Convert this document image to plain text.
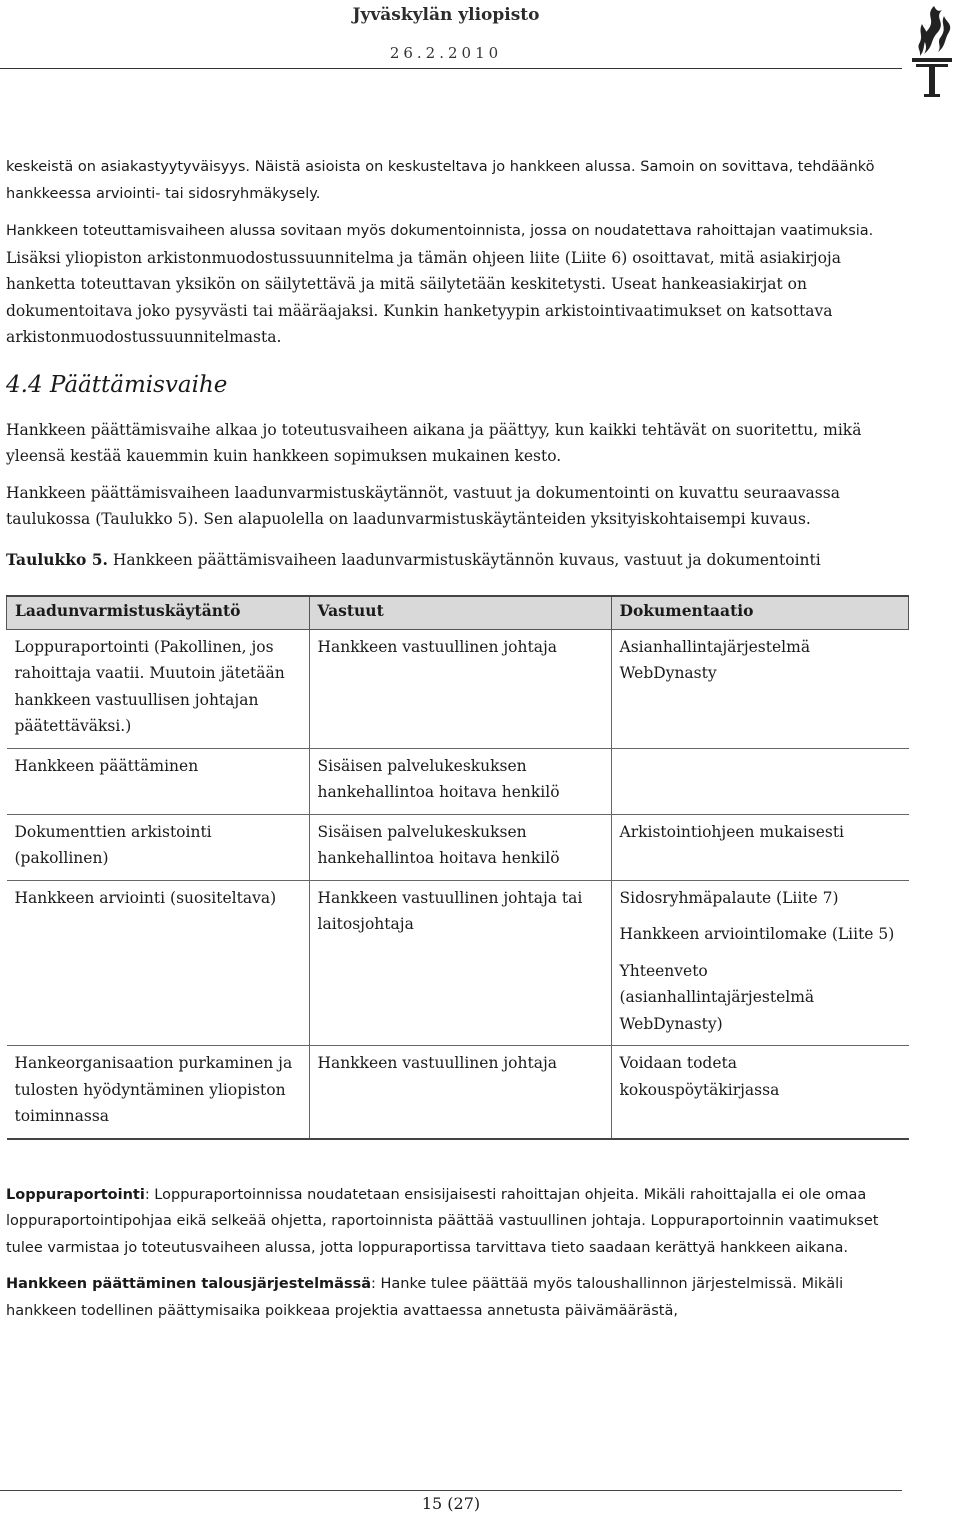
Jyväskylän yliopisto
26.2.2010

keskeistä on asiakastyytyväisyys. Näistä asioista on keskusteltava jo hankkeen alussa. Samoin on sovittava, tehdäänkö hankkeessa arviointi- tai sidosryhmäkysely.

Hankkeen toteuttamisvaiheen alussa sovitaan myös dokumentoinnista, jossa on noudatettava rahoittajan vaatimuksia. Lisäksi yliopiston arkistonmuodostussuunnitelma ja tämän ohjeen liite (Liite 6) osoittavat, mitä asiakirjoja hanketta toteuttavan yksikön on säilytettävä ja mitä säilytetään keskitetysti. Useat hankeasiakirjat on dokumentoitava joko pysyvästi tai määräajaksi. Kunkin hanketyypin arkistointivaatimukset on katsottava arkistonmuodostussuunnitelmasta.

4.4 Päättämisvaihe

Hankkeen päättämisvaihe alkaa jo toteutusvaiheen aikana ja päättyy, kun kaikki tehtävät on suoritettu, mikä yleensä kestää kauemmin kuin hankkeen sopimuksen mukainen kesto.

Hankkeen päättämisvaiheen laadunvarmistuskäytännöt, vastuut ja dokumentointi on kuvattu seuraavassa taulukossa (Taulukko 5). Sen alapuolella on laadunvarmistuskäytänteiden yksityiskohtaisempi kuvaus.

Taulukko 5. Hankkeen päättämisvaiheen laadunvarmistuskäytännön kuvaus, vastuut ja dokumentointi

Laadunvarmistuskäytäntö	Vastuut	Dokumentaatio
Loppuraportointi (Pakollinen, jos rahoittaja vaatii. Muutoin jätetään hankkeen vastuullisen johtajan päätettäväksi.)	Hankkeen vastuullinen johtaja	Asianhallintajärjestelmä WebDynasty
Hankkeen päättäminen	Sisäisen palvelukeskuksen hankehallintoa hoitava henkilö	
Dokumenttien arkistointi (pakollinen)	Sisäisen palvelukeskuksen hankehallintoa hoitava henkilö	Arkistointiohjeen mukaisesti
Hankkeen arviointi (suositeltava)	Hankkeen vastuullinen johtaja tai laitosjohtaja	Sidosryhmäpalaute (Liite 7)
Hankkeen arviointilomake (Liite 5)
Yhteenveto (asianhallintajärjestelmä WebDynasty)

Hankeorganisaation purkaminen ja tulosten hyödyntäminen yliopiston toiminnassa	Hankkeen vastuullinen johtaja	Voidaan todeta kokouspöytäkirjassa

Loppuraportointi: Loppuraportoinnissa noudatetaan ensisijaisesti rahoittajan ohjeita. Mikäli rahoittajalla ei ole omaa loppuraportointipohjaa eikä selkeää ohjetta, raportoinnista päättää vastuullinen johtaja. Loppuraportoinnin vaatimukset tulee varmistaa jo toteutusvaiheen alussa, jotta loppuraportissa tarvittava tieto saadaan kerättyä hankkeen aikana.

Hankkeen päättäminen talousjärjestelmässä: Hanke tulee päättää myös taloushallinnon järjestelmissä. Mikäli hankkeen todellinen päättymisaika poikkeaa projektia avattaessa annetusta päivämäärästä,

15 (27)
